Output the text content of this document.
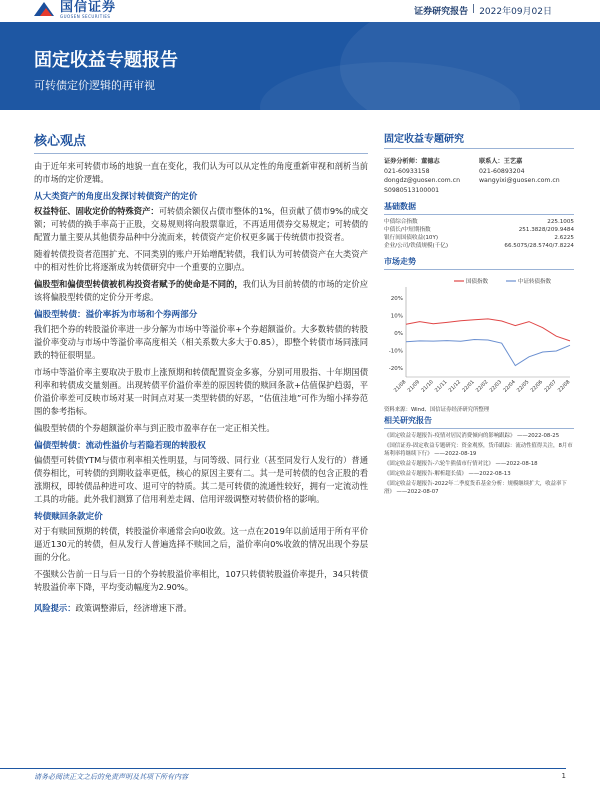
国信证券
GUOSEN SECURITIES	证券研究报告 | 2022年09月02日
固定收益专题报告
可转债定价逻辑的再审视
核心观点

由于近年来可转债市场的地貌一直在变化，我们认为可以从定性的角度重新审视和剖析当前的市场的定价逻辑。

从大类资产的角度出发探讨转债资产的定价

权益特征、固收定价的特殊资产：可转债余额仅占债市整体的1%，但贡献了债市9%的成交额；可转债的换手率高于正股，交易规则将向股票靠近，不再适用债券交易规定；可转债的配置力量主要从其他债券品种中分流而来，转债资产定价权更多属于传统债市投资者。

随着转债投资者范围扩充、不同类别的账户开始增配转债，我们认为可转债资产在大类资产中的相对性价比将逐渐成为转债研究中一个重要的立脚点。

偏股型和偏债型转债被机构投资者赋予的使命是不同的，我们认为目前转债的市场的定价应该将偏股型转债的定价分开考虑。

偏股型转债：溢价率拆为市场和个券两部分

我们把个券的转股溢价率进一步分解为市场中等溢价率+个券超额溢价。大多数转债的转股溢价率变动与市场中等溢价率高度相关（相关系数大多大于0.85），即整个转债市场同涨同跌的特征很明显。

市场中等溢价率主要取决于股市上涨预期和转债配置资金多寡，分别可用股指、十年期国债利率和转债成交量刻画。出现转债平价溢价率差的原因转债的赎回条款+估值保护趋弱，平价溢价率差可反映市场对某一时间点对某一类型转债的好恶，“估值洼地”可作为缩小择券范围的参考指标。

偏股型转债的个券超额溢价率与到正股市盈率存在一定正相关性。

偏债型转债：流动性溢价与若隐若现的转股权

偏债型可转债YTM与债市利率相关性明显，与同等级、同行业（甚至同发行人发行的）普通债券相比，可转债的到期收益率更低，核心的原因主要有二。其一是可转债的包含正股的看涨期权，即转债品种进可攻、退可守的特质。其二是可转债的流通性较好，拥有一定流动性工具的功能。此外我们测算了信用利差走阔、信用评级调整对转债价格的影响。

转债赎回条款定价

对于有赎回预期的转债，转股溢价率通常会向0收敛。这一点在2019年以前适用于所有平价逼近130元的转债，但从发行人普遍选择不赎回之后，溢价率向0%收敛的情况出现个券层面的分化。

不强赎公告前一日与后一日的个券转股溢价率相比，107只转债转股溢价率提升，34只转债转股溢价率下降，平均变动幅度为2.90%。

风险提示：政策调整滞后，经济增速下滑。

固定收益专题研究
证券分析师：董德志
021-60933158
dongdz@guosen.com.cn
S0980513100001
联系人：王艺嘉
021-60893204
wangyixi@guosen.com.cn
基础数据
中债综合指数	225.1005
中债长/中短期指数	251.3828/209.9484
银行间国债收益(10Y)	2.6225
企业/公司/铁债规模(千亿)	66.5075/28.5740/7.8224
市场走势
20%
10%
0%
-10%
-20%
国债指数	中证转债指数
21/08 21/09 21/10 21/11 21/12 22/01 22/02 22/03 22/04 22/05 22/06 22/07 22/08
资料来源：Wind、国信证券经济研究所整理
相关研究报告
《固定收益专题报告-疫情对居民消费倾向的影响跟踪》 ——2022-08-25
《国信证券-固定收益专题研究：资金观察，货币跟踪：流动性值得关注，8月市场利率将继续下行》 ——2022-08-19
《固定收益专题报告-六轮牛熊债市行情对比》 ——2022-08-18
《固定收益专题报告-解析超长债》 ——2022-08-13
《固定收益专题报告-2022年二季度货币基金分析：规模继续扩大，收益率下滑》 ——2022-08-07
请务必阅读正文之后的免责声明及其项下所有内容	1
